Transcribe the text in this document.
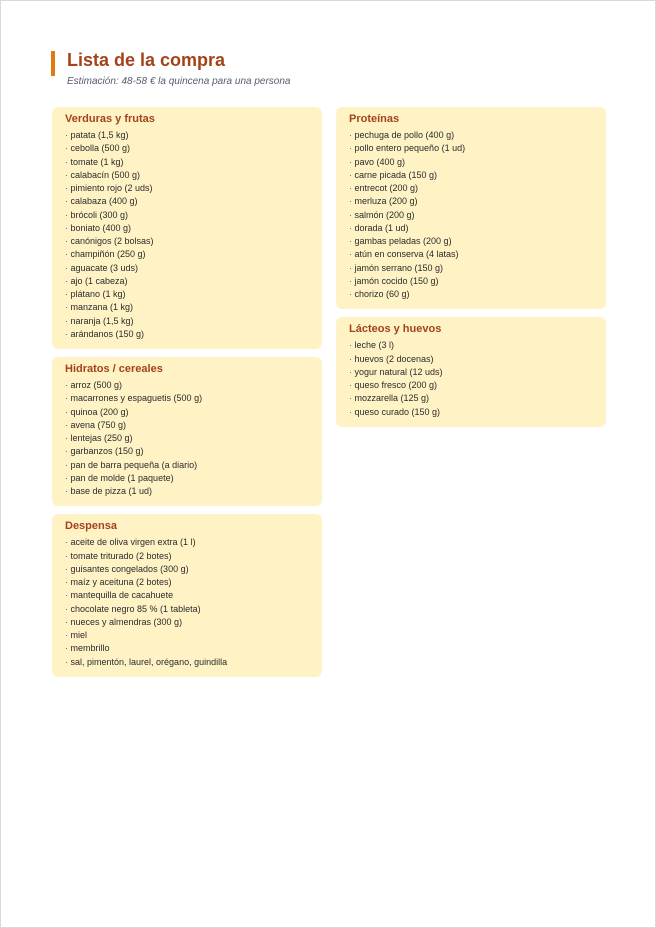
Lista de la compra

Estimación: 48-58 € la quincena para una persona

Verduras y frutas
· patata (1,5 kg)
· cebolla (500 g)
· tomate (1 kg)
· calabacín (500 g)
· pimiento rojo (2 uds)
· calabaza (400 g)
· brócoli (300 g)
· boniato (400 g)
· canónigos (2 bolsas)
· champiñón (250 g)
· aguacate (3 uds)
· ajo (1 cabeza)
· plátano (1 kg)
· manzana (1 kg)
· naranja (1,5 kg)
· arándanos (150 g)
Hidratos / cereales
· arroz (500 g)
· macarrones y espaguetis (500 g)
· quinoa (200 g)
· avena (750 g)
· lentejas (250 g)
· garbanzos (150 g)
· pan de barra pequeña (a diario)
· pan de molde (1 paquete)
· base de pizza (1 ud)
Despensa
· aceite de oliva virgen extra (1 l)
· tomate triturado (2 botes)
· guisantes congelados (300 g)
· maíz y aceituna (2 botes)
· mantequilla de cacahuete
· chocolate negro 85 % (1 tableta)
· nueces y almendras (300 g)
· miel
· membrillo
· sal, pimentón, laurel, orégano, guindilla
Proteínas
· pechuga de pollo (400 g)
· pollo entero pequeño (1 ud)
· pavo (400 g)
· carne picada (150 g)
· entrecot (200 g)
· merluza (200 g)
· salmón (200 g)
· dorada (1 ud)
· gambas peladas (200 g)
· atún en conserva (4 latas)
· jamón serrano (150 g)
· jamón cocido (150 g)
· chorizo (60 g)
Lácteos y huevos
· leche (3 l)
· huevos (2 docenas)
· yogur natural (12 uds)
· queso fresco (200 g)
· mozzarella (125 g)
· queso curado (150 g)
